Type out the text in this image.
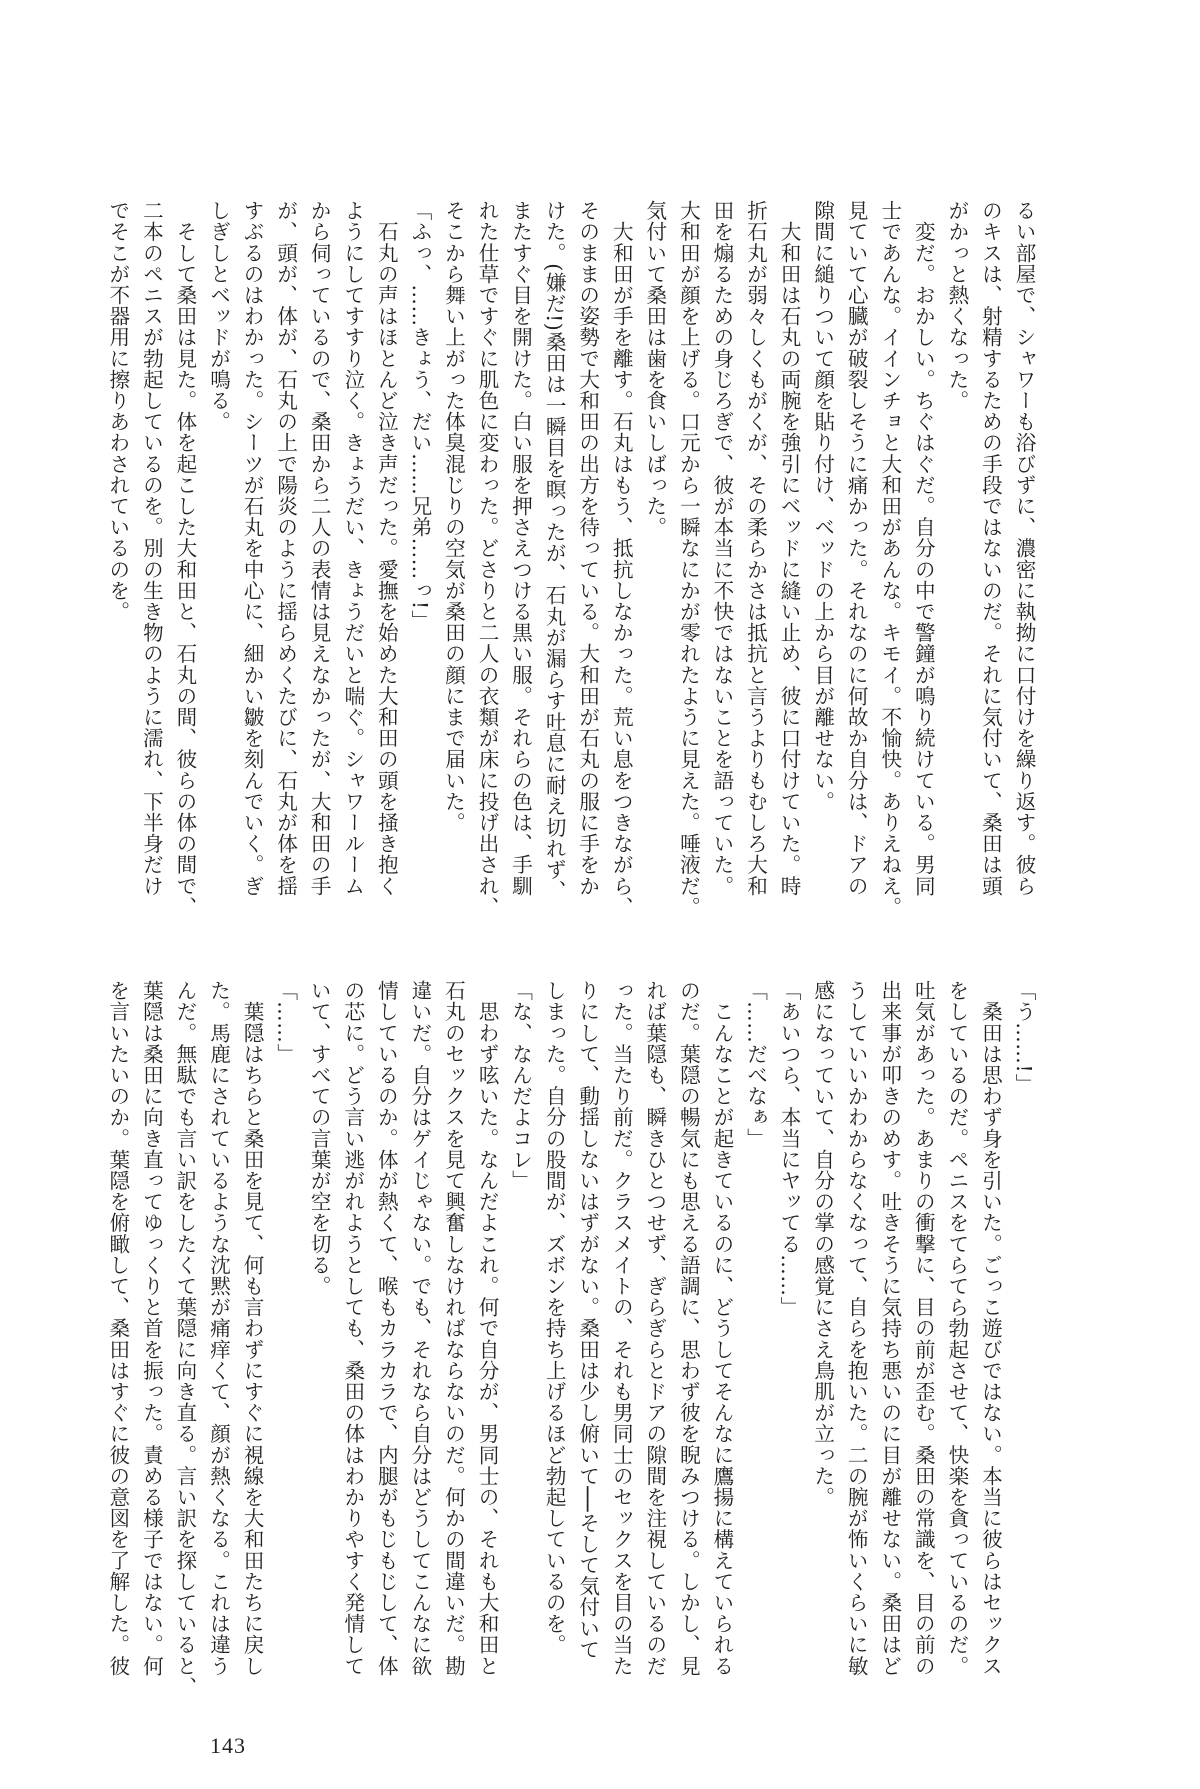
るい部屋で、シャワーも浴びずに、濃密に執拗に口付けを繰り返す。彼ら
のキスは、射精するための手段ではないのだ。それに気付いて、桑田は頭
がかっと熱くなった。
　変だ。おかしい。ちぐはぐだ。自分の中で警鐘が鳴り続けている。男同
士であんな。イインチョと大和田があんな。キモイ。不愉快。ありえねえ。
見ていて心臓が破裂しそうに痛かった。それなのに何故か自分は、ドアの
隙間に縋りついて顔を貼り付け、ベッドの上から目が離せない。
　大和田は石丸の両腕を強引にベッドに縫い止め、彼に口付けていた。時
折石丸が弱々しくもがくが、その柔らかさは抵抗と言うよりもむしろ大和
田を煽るための身じろぎで、彼が本当に不快ではないことを語っていた。
大和田が顔を上げる。口元から一瞬なにかが零れたように見えた。唾液だ。
気付いて桑田は歯を食いしばった。
　大和田が手を離す。石丸はもう、抵抗しなかった。荒い息をつきながら、
そのままの姿勢で大和田の出方を待っている。大和田が石丸の服に手をか
けた。(嫌だ!)桑田は一瞬目を瞑ったが、石丸が漏らす吐息に耐え切れず、
またすぐ目を開けた。白い服を押さえつける黒い服。それらの色は、手馴
れた仕草ですぐに肌色に変わった。どさりと二人の衣類が床に投げ出され、
そこから舞い上がった体臭混じりの空気が桑田の顔にまで届いた。
「ふっ、……きょう、だい……兄弟……っ!」
　石丸の声はほとんど泣き声だった。愛撫を始めた大和田の頭を掻き抱く
ようにしてすすり泣く。きょうだい、きょうだいと喘ぐ。シャワールーム
から伺っているので、桑田から二人の表情は見えなかったが、大和田の手
が、頭が、体が、石丸の上で陽炎のように揺らめくたびに、石丸が体を揺
すぶるのはわかった。シーツが石丸を中心に、細かい皺を刻んでいく。ぎ
しぎしとベッドが鳴る。
　そして桑田は見た。体を起こした大和田と、石丸の間、彼らの体の間で、
二本のペニスが勃起しているのを。別の生き物のように濡れ、下半身だけ
でそこが不器用に擦りあわされているのを。
「う……!」
　桑田は思わず身を引いた。ごっこ遊びではない。本当に彼らはセックス
をしているのだ。ペニスをてらてら勃起させて、快楽を貪っているのだ。
吐気があった。あまりの衝撃に、目の前が歪む。桑田の常識を、目の前の
出来事が叩きのめす。吐きそうに気持ち悪いのに目が離せない。桑田はど
うしていいかわからなくなって、自らを抱いた。二の腕が怖いくらいに敏
感になっていて、自分の掌の感覚にさえ鳥肌が立った。
「あいつら、本当にヤッてる……」
「……だべなぁ」
　こんなことが起きているのに、どうしてそんなに鷹揚に構えていられる
のだ。葉隠の暢気にも思える語調に、思わず彼を睨みつける。しかし、見
れば葉隠も、瞬きひとつせず、ぎらぎらとドアの隙間を注視しているのだ
った。当たり前だ。クラスメイトの、それも男同士のセックスを目の当た
りにして、動揺しないはずがない。桑田は少し俯いて──そして気付いて
しまった。自分の股間が、ズボンを持ち上げるほど勃起しているのを。
「な、なんだよコレ」
　思わず呟いた。なんだよこれ。何で自分が、男同士の、それも大和田と
石丸のセックスを見て興奮しなければならないのだ。何かの間違いだ。勘
違いだ。自分はゲイじゃない。でも、それなら自分はどうしてこんなに欲
情しているのか。体が熱くて、喉もカラカラで、内腿がもじもじして、体
の芯に。どう言い逃がれようとしても、桑田の体はわかりやすく発情して
いて、すべての言葉が空を切る。
「……」
　葉隠はちらと桑田を見て、何も言わずにすぐに視線を大和田たちに戻し
た。馬鹿にされているような沈黙が痛痒くて、顔が熱くなる。これは違う
んだ。無駄でも言い訳をしたくて葉隠に向き直る。言い訳を探していると、
葉隠は桑田に向き直ってゆっくりと首を振った。責める様子ではない。何
を言いたいのか。葉隠を俯瞰して、桑田はすぐに彼の意図を了解した。彼
143
